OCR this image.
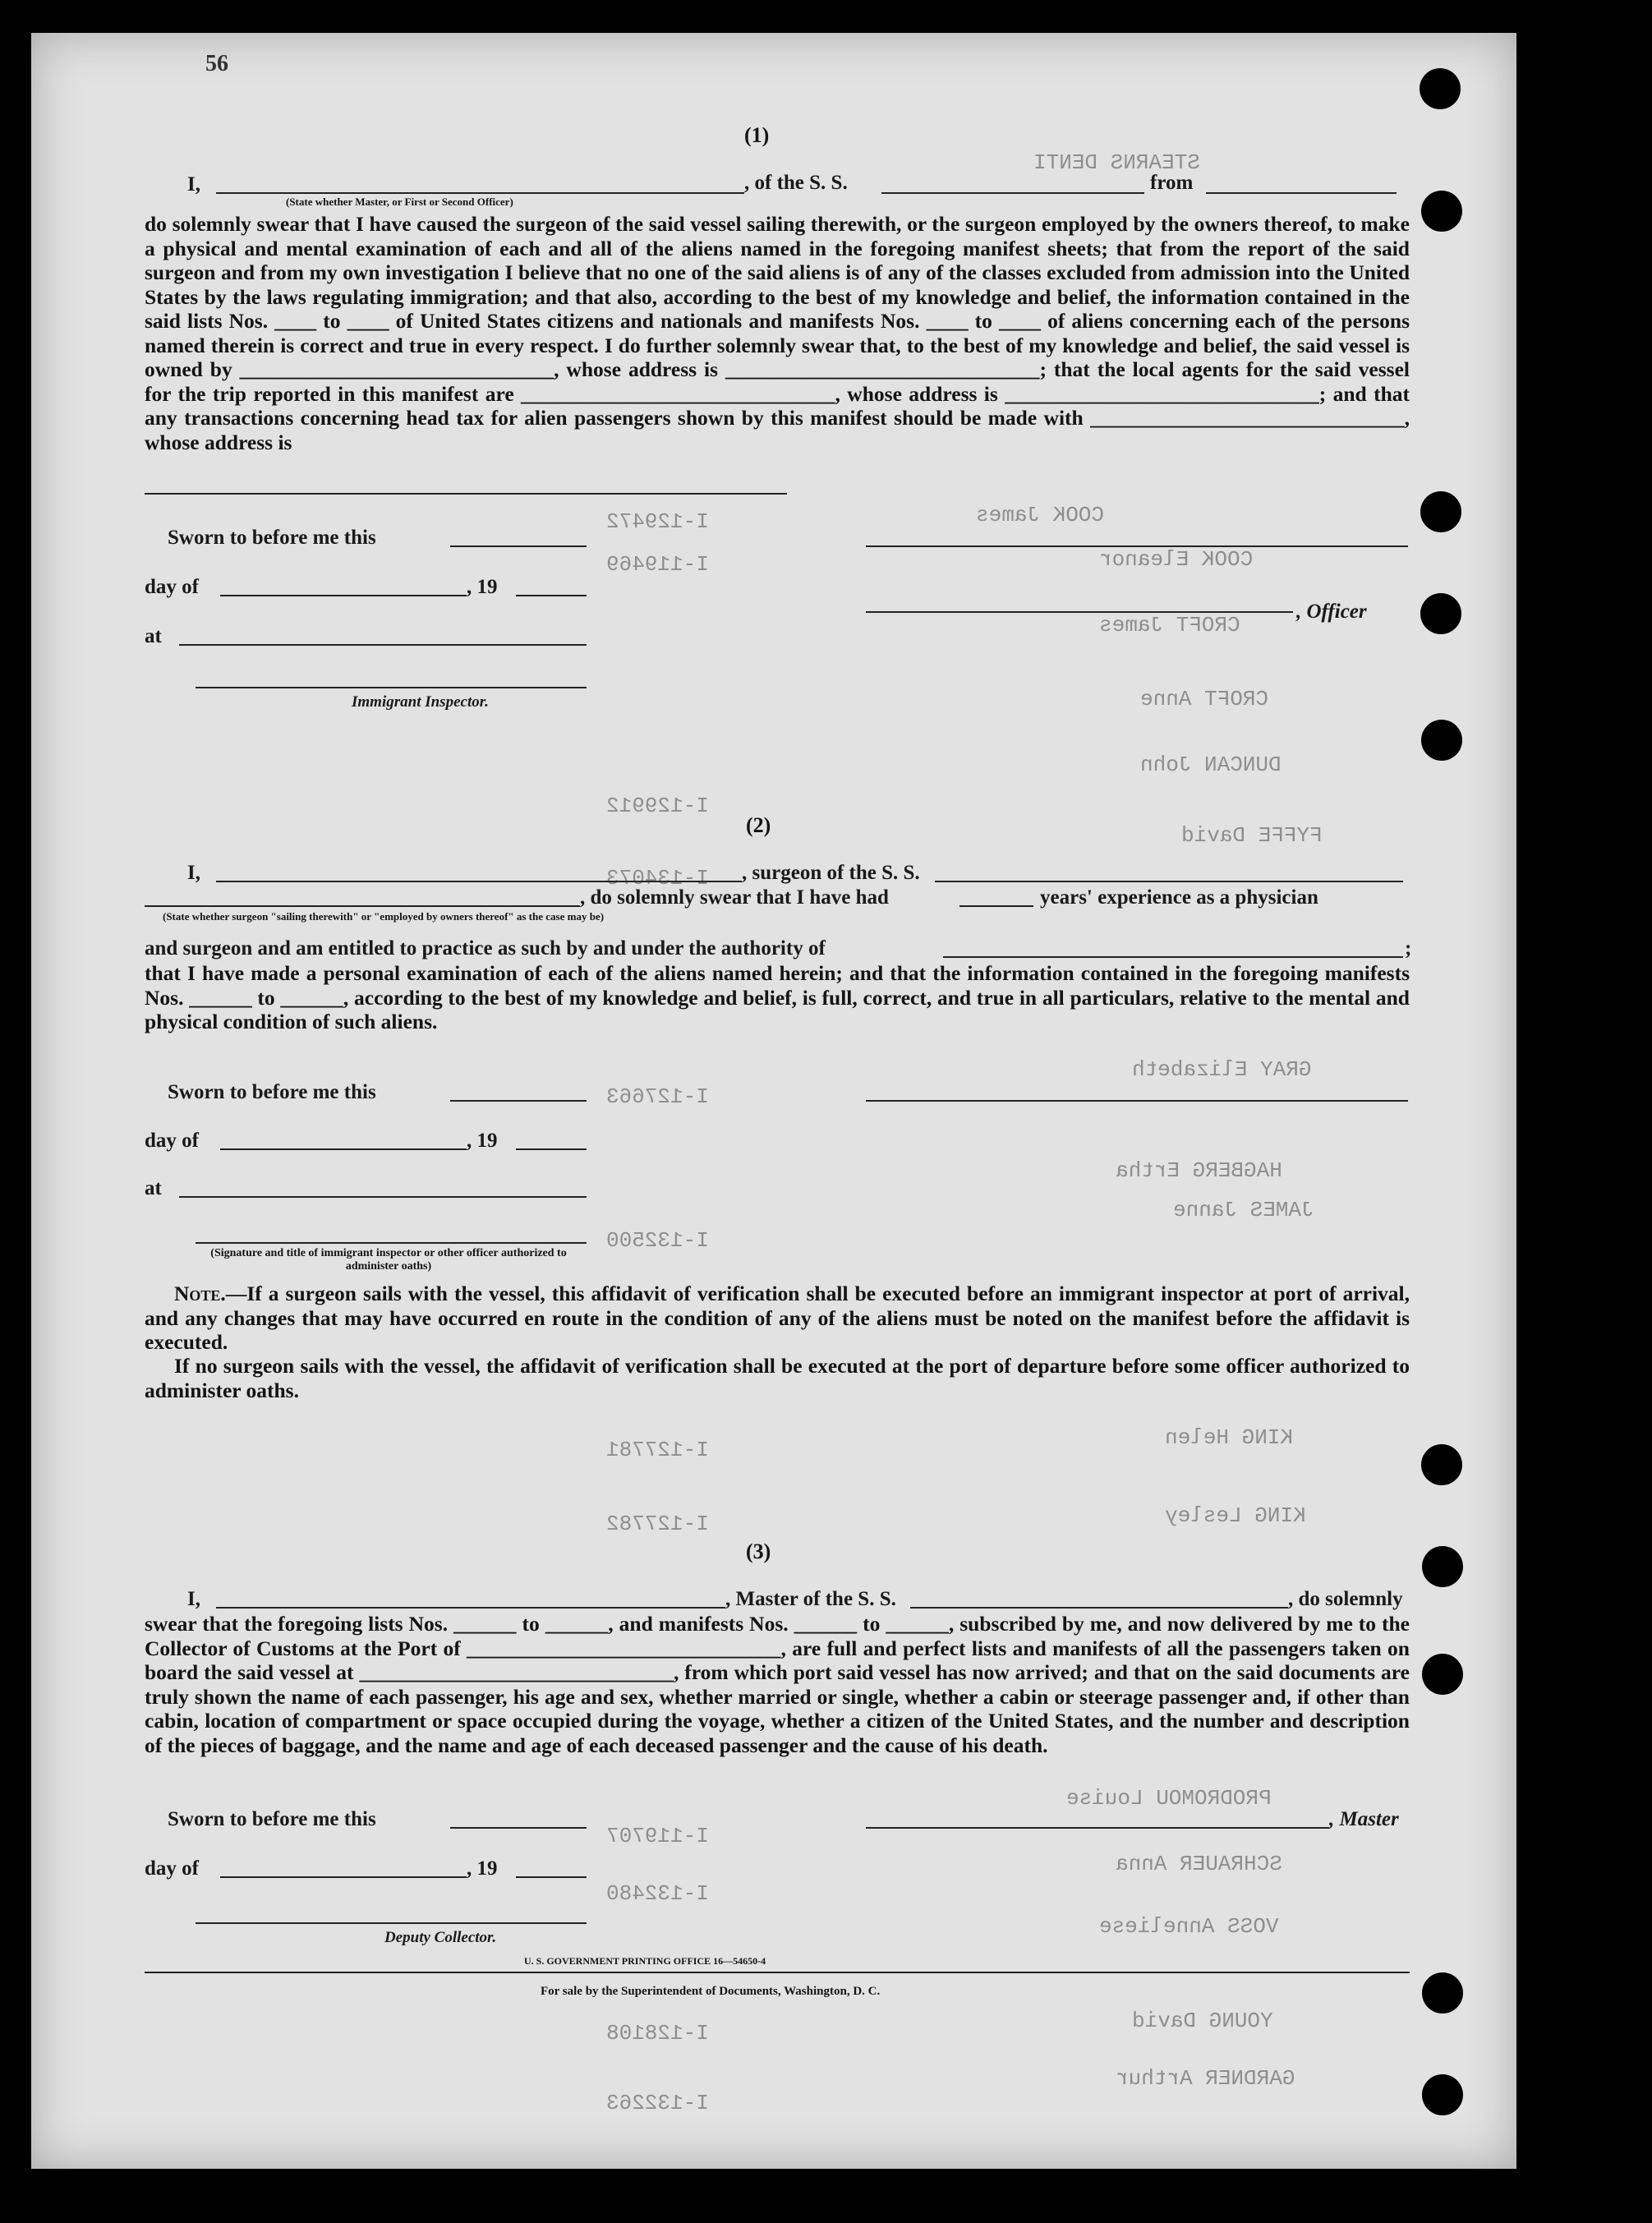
STEARNS DENTI
COOK James
COOK Eleanor
CROFT James
CROFT Anne
DUNCAN John
FYFFE David
GRAY Elizabeth
HAGBERG Ertha
JAMES Janne
KING Helen
KING Lesley
PRODROMOU Louise
SCHRAUER Anna
VOSS Anneliese
YOUNG David
GARDNER Arthur
I-129472
I-119469
I-129912
I-134073
I-127663
I-132500
I-127781
I-127782
I-119707
I-132480
I-128108
I-132263
56
(1)
I,
(State whether Master, or First or Second Officer)
, of the S. S.	from
do solemnly swear that I have caused the surgeon of the said vessel sailing therewith, or the surgeon employed by the owners thereof, to make a physical and mental examination of each and all of the aliens named in the foregoing manifest sheets; that from the report of the said surgeon and from my own investigation I believe that no one of the said aliens is of any of the classes excluded from admission into the United States by the laws regulating immigration; and that also, according to the best of my knowledge and belief, the information contained in the said lists Nos. ____ to ____ of United States citizens and nationals and manifests Nos. ____ to ____ of aliens concerning each of the persons named therein is correct and true in every respect. I do further solemnly swear that, to the best of my knowledge and belief, the said vessel is owned by ______________________________, whose address is ______________________________; that the local agents for the said vessel for the trip reported in this manifest are ______________________________, whose address is ______________________________; and that any transactions concerning head tax for alien passengers shown by this manifest should be made with ______________________________, whose address is
Sworn to before me this
day of	, 19
, Officer
at
Immigrant Inspector.
(2)
I,	, surgeon of the S. S.
, do solemnly swear that I have had	years' experience as a physician
(State whether surgeon "sailing therewith" or "employed by owners thereof" as the case may be)
and surgeon and am entitled to practice as such by and under the authority of	;
that I have made a personal examination of each of the aliens named herein; and that the information contained in the foregoing manifests Nos. ______ to ______, according to the best of my knowledge and belief, is full, correct, and true in all particulars, relative to the mental and physical condition of such aliens.
Sworn to before me this
day of	, 19
at
(Signature and title of immigrant inspector or other officer authorized to administer oaths)
Note.—If a surgeon sails with the vessel, this affidavit of verification shall be executed before an immigrant inspector at port of arrival, and any changes that may have occurred en route in the condition of any of the aliens must be noted on the manifest before the affidavit is executed.
If no surgeon sails with the vessel, the affidavit of verification shall be executed at the port of departure before some officer authorized to administer oaths.
(3)
I,	, Master of the S. S.	, do solemnly
swear that the foregoing lists Nos. ______ to ______, and manifests Nos. ______ to ______, subscribed by me, and now delivered by me to the Collector of Customs at the Port of ______________________________, are full and perfect lists and manifests of all the passengers taken on board the said vessel at ______________________________, from which port said vessel has now arrived; and that on the said documents are truly shown the name of each passenger, his age and sex, whether married or single, whether a cabin or steerage passenger and, if other than cabin, location of compartment or space occupied during the voyage, whether a citizen of the United States, and the number and description of the pieces of baggage, and the name and age of each deceased passenger and the cause of his death.
Sworn to before me this	, Master
day of	, 19
Deputy Collector.
U. S. GOVERNMENT PRINTING OFFICE 16—54650-4
For sale by the Superintendent of Documents, Washington, D. C.
